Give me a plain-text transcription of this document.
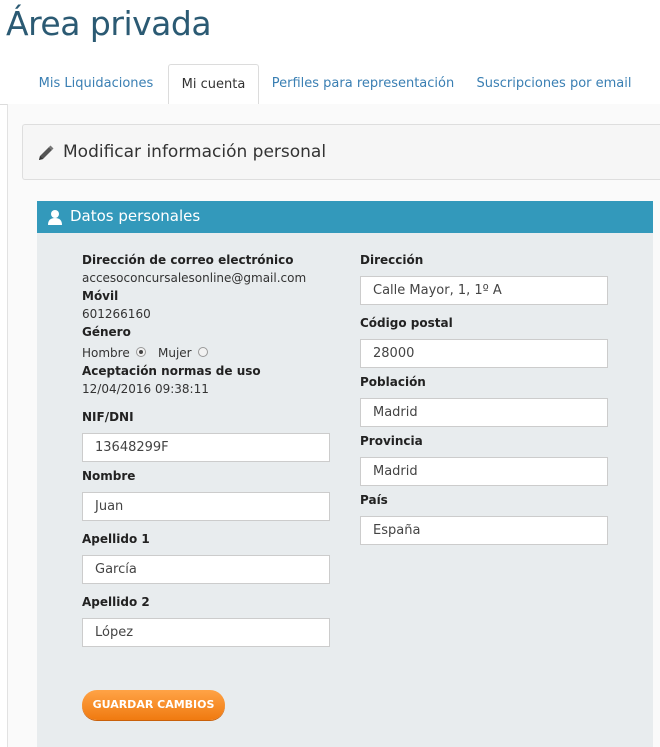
Área privada
Mis Liquidaciones	Mi cuenta	Perfiles para representación	Suscripciones por email
Modificar información personal
Datos personales
Dirección de correo electrónico
accesoconcursalesonline@gmail.com
Móvil
601266160
Género
Hombre Mujer
Aceptación normas de uso
12/04/2016 09:38:11
NIF/DNI
13648299F
Nombre
Juan
Apellido 1
García
Apellido 2
López
Dirección
Calle Mayor, 1, 1º A
Código postal
28000
Población
Madrid
Provincia
Madrid
País
España
GUARDAR CAMBIOS
